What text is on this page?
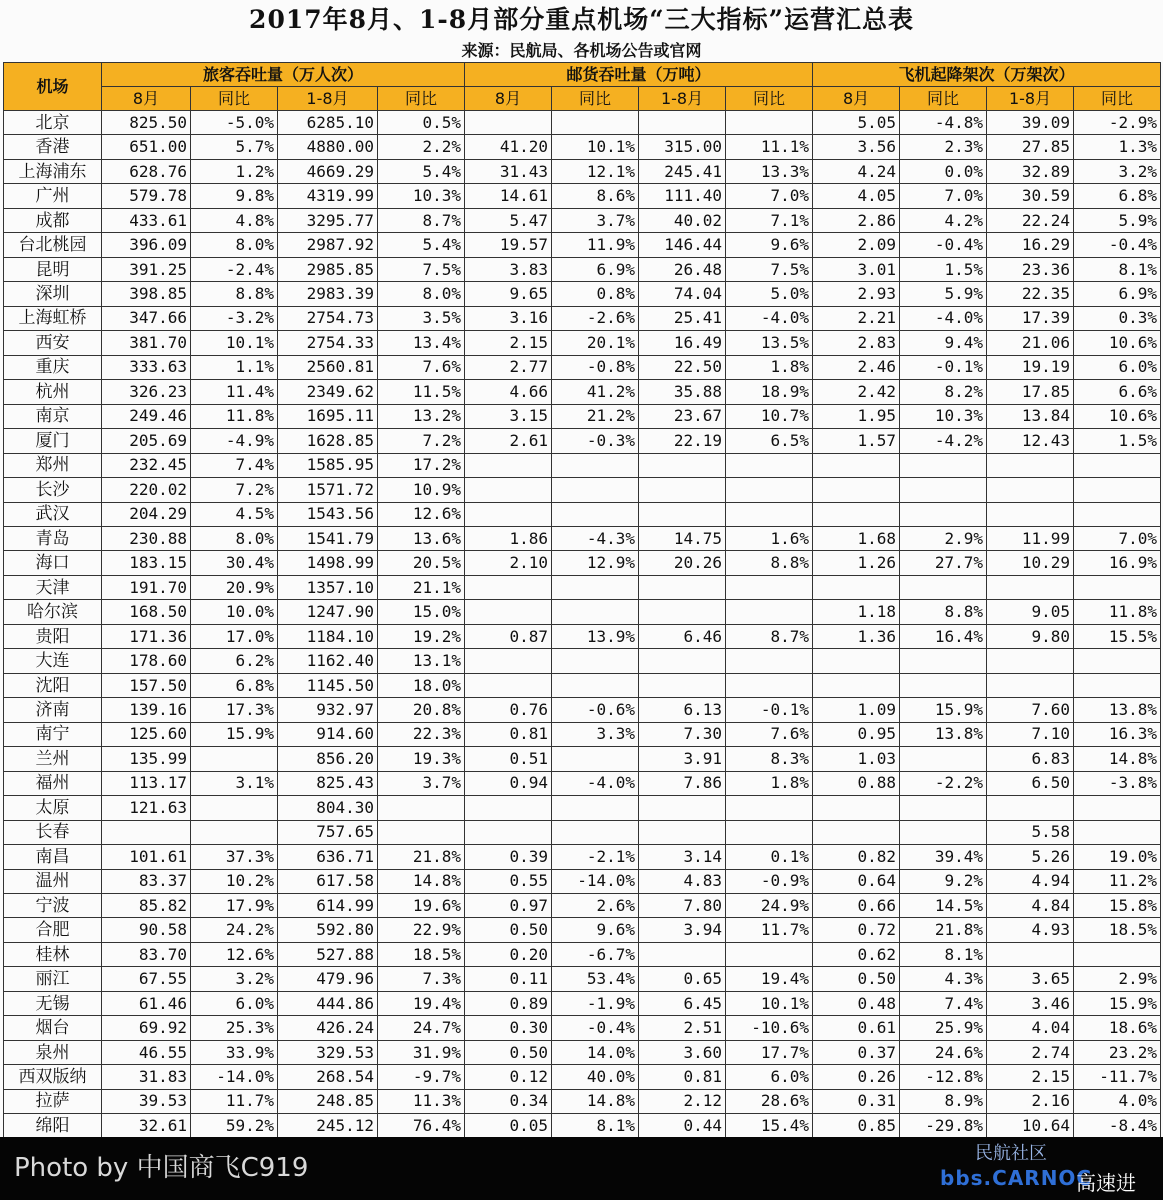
2017年8月、1-8月部分重点机场“三大指标”运营汇总表
来源：民航局、各机场公告或官网
机场	旅客吞吐量（万人次）				邮货吞吐量（万吨）				飞机起降架次（万架次）			
	8月	同比	1-8月	同比	8月	同比	1-8月	同比	8月	同比	1-8月	同比
北京	825.50	-5.0%	6285.10	0.5%					5.05	-4.8%	39.09	-2.9%
香港	651.00	5.7%	4880.00	2.2%	41.20	10.1%	315.00	11.1%	3.56	2.3%	27.85	1.3%
上海浦东	628.76	1.2%	4669.29	5.4%	31.43	12.1%	245.41	13.3%	4.24	0.0%	32.89	3.2%
广州	579.78	9.8%	4319.99	10.3%	14.61	8.6%	111.40	7.0%	4.05	7.0%	30.59	6.8%
成都	433.61	4.8%	3295.77	8.7%	5.47	3.7%	40.02	7.1%	2.86	4.2%	22.24	5.9%
台北桃园	396.09	8.0%	2987.92	5.4%	19.57	11.9%	146.44	9.6%	2.09	-0.4%	16.29	-0.4%
昆明	391.25	-2.4%	2985.85	7.5%	3.83	6.9%	26.48	7.5%	3.01	1.5%	23.36	8.1%
深圳	398.85	8.8%	2983.39	8.0%	9.65	0.8%	74.04	5.0%	2.93	5.9%	22.35	6.9%
上海虹桥	347.66	-3.2%	2754.73	3.5%	3.16	-2.6%	25.41	-4.0%	2.21	-4.0%	17.39	0.3%
西安	381.70	10.1%	2754.33	13.4%	2.15	20.1%	16.49	13.5%	2.83	9.4%	21.06	10.6%
重庆	333.63	1.1%	2560.81	7.6%	2.77	-0.8%	22.50	1.8%	2.46	-0.1%	19.19	6.0%
杭州	326.23	11.4%	2349.62	11.5%	4.66	41.2%	35.88	18.9%	2.42	8.2%	17.85	6.6%
南京	249.46	11.8%	1695.11	13.2%	3.15	21.2%	23.67	10.7%	1.95	10.3%	13.84	10.6%
厦门	205.69	-4.9%	1628.85	7.2%	2.61	-0.3%	22.19	6.5%	1.57	-4.2%	12.43	1.5%
郑州	232.45	7.4%	1585.95	17.2%								
长沙	220.02	7.2%	1571.72	10.9%								
武汉	204.29	4.5%	1543.56	12.6%								
青岛	230.88	8.0%	1541.79	13.6%	1.86	-4.3%	14.75	1.6%	1.68	2.9%	11.99	7.0%
海口	183.15	30.4%	1498.99	20.5%	2.10	12.9%	20.26	8.8%	1.26	27.7%	10.29	16.9%
天津	191.70	20.9%	1357.10	21.1%								
哈尔滨	168.50	10.0%	1247.90	15.0%					1.18	8.8%	9.05	11.8%
贵阳	171.36	17.0%	1184.10	19.2%	0.87	13.9%	6.46	8.7%	1.36	16.4%	9.80	15.5%
大连	178.60	6.2%	1162.40	13.1%								
沈阳	157.50	6.8%	1145.50	18.0%								
济南	139.16	17.3%	932.97	20.8%	0.76	-0.6%	6.13	-0.1%	1.09	15.9%	7.60	13.8%
南宁	125.60	15.9%	914.60	22.3%	0.81	3.3%	7.30	7.6%	0.95	13.8%	7.10	16.3%
兰州	135.99		856.20	19.3%	0.51		3.91	8.3%	1.03		6.83	14.8%
福州	113.17	3.1%	825.43	3.7%	0.94	-4.0%	7.86	1.8%	0.88	-2.2%	6.50	-3.8%
太原	121.63		804.30									
长春			757.65								5.58	
南昌	101.61	37.3%	636.71	21.8%	0.39	-2.1%	3.14	0.1%	0.82	39.4%	5.26	19.0%
温州	83.37	10.2%	617.58	14.8%	0.55	-14.0%	4.83	-0.9%	0.64	9.2%	4.94	11.2%
宁波	85.82	17.9%	614.99	19.6%	0.97	2.6%	7.80	24.9%	0.66	14.5%	4.84	15.8%
合肥	90.58	24.2%	592.80	22.9%	0.50	9.6%	3.94	11.7%	0.72	21.8%	4.93	18.5%
桂林	83.70	12.6%	527.88	18.5%	0.20	-6.7%			0.62	8.1%		
丽江	67.55	3.2%	479.96	7.3%	0.11	53.4%	0.65	19.4%	0.50	4.3%	3.65	2.9%
无锡	61.46	6.0%	444.86	19.4%	0.89	-1.9%	6.45	10.1%	0.48	7.4%	3.46	15.9%
烟台	69.92	25.3%	426.24	24.7%	0.30	-0.4%	2.51	-10.6%	0.61	25.9%	4.04	18.6%
泉州	46.55	33.9%	329.53	31.9%	0.50	14.0%	3.60	17.7%	0.37	24.6%	2.74	23.2%
西双版纳	31.83	-14.0%	268.54	-9.7%	0.12	40.0%	0.81	6.0%	0.26	-12.8%	2.15	-11.7%
拉萨	39.53	11.7%	248.85	11.3%	0.34	14.8%	2.12	28.6%	0.31	8.9%	2.16	4.0%
绵阳	32.61	59.2%	245.12	76.4%	0.05	8.1%	0.44	15.4%	0.85	-29.8%	10.64	-8.4%
Photo by 中国商飞C919	民航社区
bbs.CARNOC
高速进
